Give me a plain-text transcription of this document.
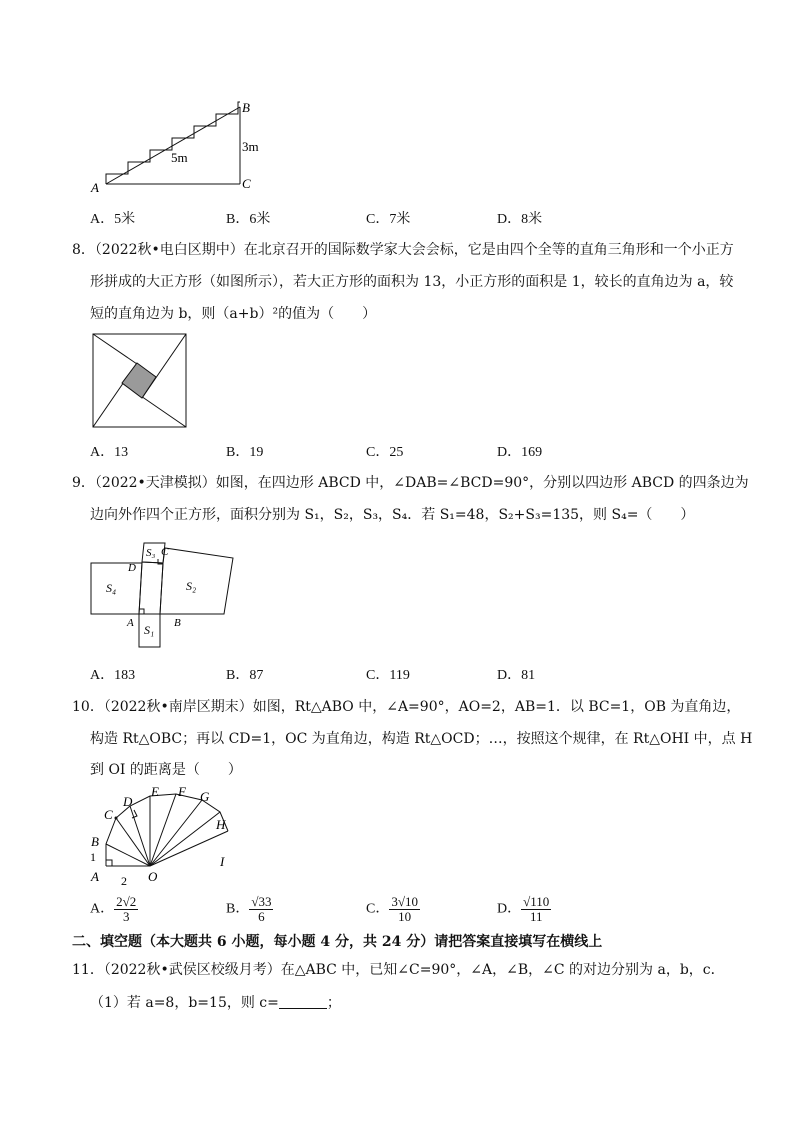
A
B
C
5m
3m
A．5米	B．6米	C．7米	D．8米
8．（2022秋•电白区期中）在北京召开的国际数学家大会会标，它是由四个全等的直角三角形和一个小正方
形拼成的大正方形（如图所示），若大正方形的面积为 13，小正方形的面积是 1，较长的直角边为 a，较
短的直角边为 b，则（a+b）²的值为（　　）
A．13	B．19	C．25	D．169
9．（2022•天津模拟）如图，在四边形 ABCD 中，∠DAB=∠BCD=90°，分别以四边形 ABCD 的四条边为
边向外作四个正方形，面积分别为 S₁，S₂，S₃，S₄．若 S₁=48，S₂+S₃=135，则 S₄=（　　）
S₄	S₂
S₃
S₁
A	B
C
D
A．183	B．87	C．119	D．81
10．（2022秋•南岸区期末）如图，Rt△ABO 中，∠A=90°，AO=2，AB=1．以 BC=1，OB 为直角边，
构造 Rt△OBC；再以 CD=1，OC 为直角边，构造 Rt△OCD；…，按照这个规律，在 Rt△OHI 中，点 H
到 OI 的距离是（　　）
A	O
B
C
D
E F G
H
I
1
2
A． $\frac{2√2}{3}$	B． $\frac{√33}{6}$	C． $\frac{3√10}{10}$	D． $\frac{√110}{11}$
二、填空题（本大题共 6 小题，每小题 4 分，共 24 分）请把答案直接填写在横线上
11．（2022秋•武侯区校级月考）在△ABC 中，已知∠C=90°，∠A，∠B，∠C 的对边分别为 a，b，c．
（1）若 a=8，b=15，则 c=	；
